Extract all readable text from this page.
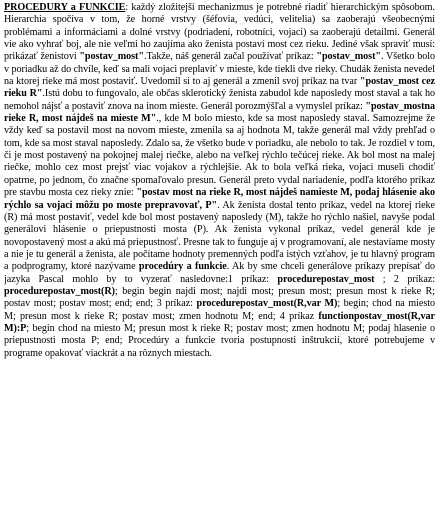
PROCEDURY a FUNKCIE: každý zložitejší mechanizmus je potrebné riadiť hierarchickým spôsobom. Hierarchia spočíva v tom, že horné vrstvy (šéfovia, vedúci, velitelia) sa zaoberajú všeobecnými problémami a informáciami a dolné vrstvy (podriadení, robotníci, vojaci) sa zaoberajú detailmi. Generál vie ako vyhrať boj, ale nie veľmi ho zaujíma ako ženista postaví most cez rieku. Jediné však spraviť musí: prikázať ženistovi "postav_most".Takže, náš generál začal používať príkaz: "postav_most". Všetko bolo v poriadku až do chvíle, keď sa mali vojaci preplaviť v mieste, kde tiekli dve rieky. Chudák ženista nevedel na ktorej rieke má most postaviť. Uvedomil si to aj generál a zmenil svoj príkaz na tvar "postav_most cez rieku R".Istú dobu to fungovalo, ale občas sklerotický ženista zabudol kde naposledy most staval a tak ho nemohol nájsť a postaviť znova na inom mieste. Generál porozmýšľal a vymyslel príkaz: "postav_mostna rieke R, most nájdeš na mieste M"., kde M bolo miesto, kde sa most naposledy staval. Samozrejme že vždy keď sa postavil most na novom mieste, zmenila sa aj hodnota M, takže generál mal vždy prehľad o tom, kde sa most staval naposledy. Zdalo sa, že všetko bude v poriadku, ale nebolo to tak. Je rozdiel v tom, či je most postavený na pokojnej malej riečke, alebo na veľkej rýchlo tečúcej rieke. Ak bol most na malej riečke, mohlo cez most prejsť viac vojakov a rýchlejšie. Ak to bola veľká rieka, vojaci museli chodiť opatrne, po jednom, čo značne spomaľovalo presun. Generál preto vydal nariadenie, podľa ktorého príkaz pre stavbu mosta cez rieky znie: "postav most na rieke R, most nájdeš namieste M, podaj hlásenie ako rýchlo sa vojaci môžu po moste prepravovať, P". Ak ženista dostal tento príkaz, vedel na ktorej rieke (R) má most postaviť, vedel kde bol most postavený naposledy (M), takže ho rýchlo našiel, navyše podal generálovi hlásenie o priepustnosti mosta (P). Ak ženista vykonal príkaz, vedel generál kde je novopostavený most a akú má priepustnosť. Presne tak to funguje aj v programovaní, ale nestavíame mosty a nie je tu generál a ženista, ale počítame hodnoty premenných podľa istých vzťahov, je tu hlavný program a podprogramy, ktoré nazývame procedúry a funkcie. Ak by sme chceli generálove príkazy prepísať do jazyka Pascal mohlo by to vyzerať nasledovne:1 príkaz: procedurepostav_most ; 2 príkaz: procedurepostav_most(R); begin begin najdi most; najdi most; presun most; presun most k rieke R; postav most; postav most; end; end; 3 príkaz: procedurepostav_most(R,var M); begin; chod na miesto M; presun most k rieke R; postav most; zmen hodnotu M; end; 4 príkaz functionpostav_most(R,var M):P; begin chod na miesto M; presun most k rieke R; postav most; zmen hodnotu M; podaj hlasenie o priepustnosti mosta P; end; Procedúry a funkcie tvoria postupnosti inštrukcií, ktoré potrebujeme v programe opakovať viackrát a na rôznych miestach.
